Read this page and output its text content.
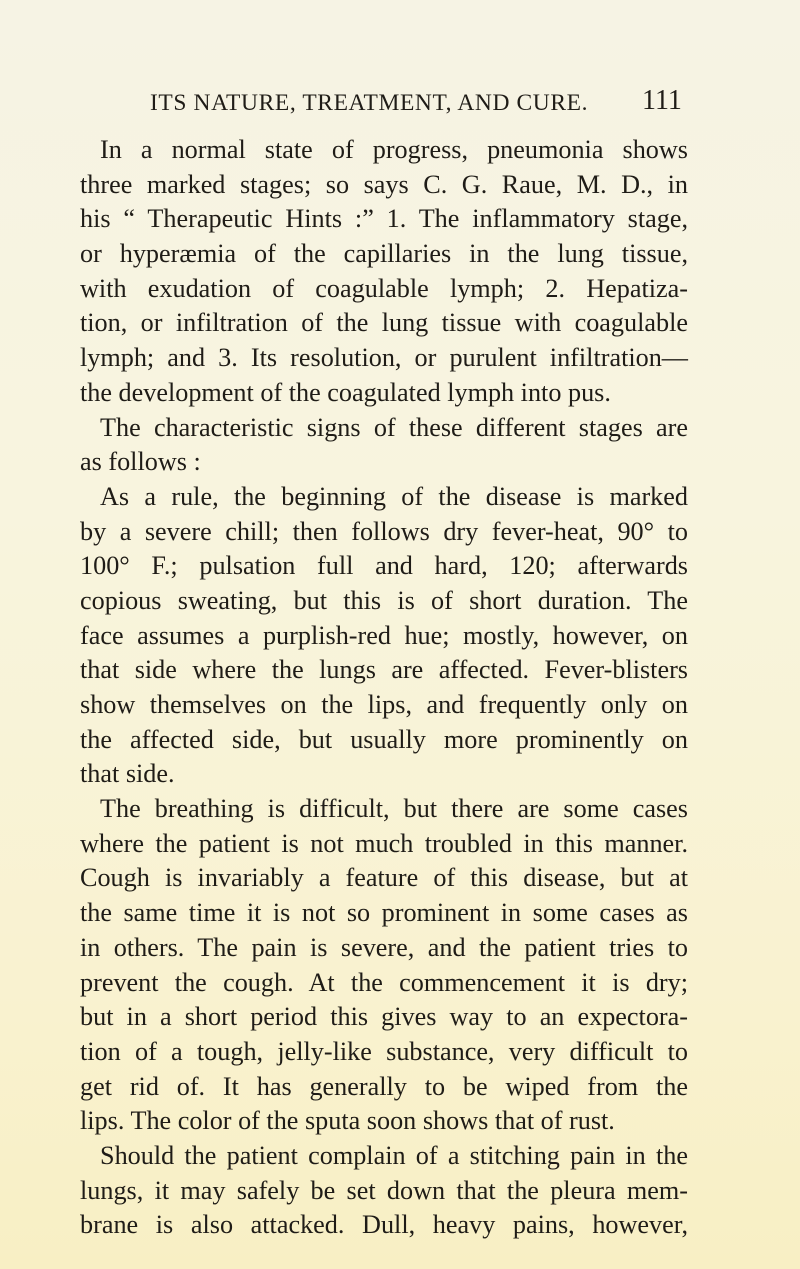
ITS NATURE, TREATMENT, AND CURE. 111
In a normal state of progress, pneumonia shows
three marked stages; so says C. G. Raue, M. D., in
his “ Therapeutic Hints :” 1. The inflammatory stage,
or hyperæmia of the capillaries in the lung tissue,
with exudation of coagulable lymph; 2. Hepatiza-
tion, or infiltration of the lung tissue with coagulable
lymph; and 3. Its resolution, or purulent infiltration—
the development of the coagulated lymph into pus.
The characteristic signs of these different stages are
as follows :
As a rule, the beginning of the disease is marked
by a severe chill; then follows dry fever-heat, 90° to
100° F.; pulsation full and hard, 120; afterwards
copious sweating, but this is of short duration. The
face assumes a purplish-red hue; mostly, however, on
that side where the lungs are affected. Fever-blisters
show themselves on the lips, and frequently only on
the affected side, but usually more prominently on
that side.
The breathing is difficult, but there are some cases
where the patient is not much troubled in this manner.
Cough is invariably a feature of this disease, but at
the same time it is not so prominent in some cases as
in others. The pain is severe, and the patient tries to
prevent the cough. At the commencement it is dry;
but in a short period this gives way to an expectora-
tion of a tough, jelly-like substance, very difficult to
get rid of. It has generally to be wiped from the
lips. The color of the sputa soon shows that of rust.
Should the patient complain of a stitching pain in the
lungs, it may safely be set down that the pleura mem-
brane is also attacked. Dull, heavy pains, however,
